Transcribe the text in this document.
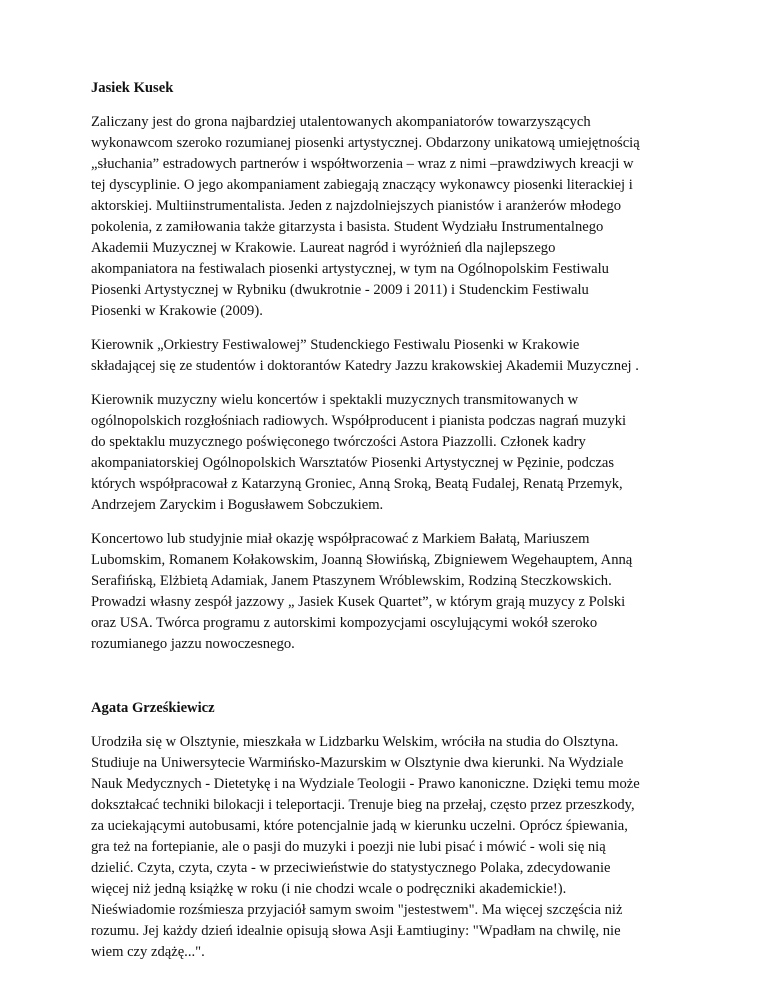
Jasiek Kusek
Zaliczany jest do grona najbardziej utalentowanych akompaniatorów towarzyszących
wykonawcom szeroko rozumianej piosenki artystycznej. Obdarzony unikatową umiejętnością
„słuchania” estradowych partnerów i współtworzenia – wraz z nimi –prawdziwych kreacji w
tej dyscyplinie. O jego akompaniament zabiegają znaczący wykonawcy piosenki literackiej i
aktorskiej. Multiinstrumentalista. Jeden z najzdolniejszych pianistów i aranżerów młodego
pokolenia, z zamiłowania także gitarzysta i basista. Student Wydziału Instrumentalnego
Akademii Muzycznej w Krakowie. Laureat nagród i wyróżnień dla najlepszego
akompaniatora na festiwalach piosenki artystycznej, w tym na Ogólnopolskim Festiwalu
Piosenki Artystycznej w Rybniku (dwukrotnie - 2009 i 2011) i Studenckim Festiwalu
Piosenki w Krakowie (2009).
Kierownik „Orkiestry Festiwalowej” Studenckiego Festiwalu Piosenki w Krakowie
składającej się ze studentów i doktorantów Katedry Jazzu krakowskiej Akademii Muzycznej .
Kierownik muzyczny wielu koncertów i spektakli muzycznych transmitowanych w
ogólnopolskich rozgłośniach radiowych. Współproducent i pianista podczas nagrań muzyki
do spektaklu muzycznego poświęconego twórczości Astora Piazzolli. Członek kadry
akompaniatorskiej Ogólnopolskich Warsztatów Piosenki Artystycznej w Pęzinie, podczas
których współpracował z Katarzyną Groniec, Anną Sroką, Beatą Fudalej, Renatą Przemyk,
Andrzejem Zaryckim i Bogusławem Sobczukiem.
Koncertowo lub studyjnie miał okazję współpracować z Markiem Bałatą, Mariuszem
Lubomskim, Romanem Kołakowskim, Joanną Słowińską, Zbigniewem Wegehauptem, Anną
Serafińską, Elżbietą Adamiak, Janem Ptaszynem Wróblewskim, Rodziną Steczkowskich.
Prowadzi własny zespół jazzowy „ Jasiek Kusek Quartet”, w którym grają muzycy z Polski
oraz USA. Twórca programu z autorskimi kompozycjami oscylującymi wokół szeroko
rozumianego jazzu nowoczesnego.
Agata Grześkiewicz
Urodziła się w Olsztynie, mieszkała w Lidzbarku Welskim, wróciła na studia do Olsztyna.
Studiuje na Uniwersytecie Warmińsko-Mazurskim w Olsztynie dwa kierunki. Na Wydziale
Nauk Medycznych - Dietetykę i na Wydziale Teologii - Prawo kanoniczne. Dzięki temu może
dokształcać techniki bilokacji i teleportacji. Trenuje bieg na przełaj, często przez przeszkody,
za uciekającymi autobusami, które potencjalnie jadą w kierunku uczelni. Oprócz śpiewania,
gra też na fortepianie, ale o pasji do muzyki i poezji nie lubi pisać i mówić - woli się nią
dzielić. Czyta, czyta, czyta - w przeciwieństwie do statystycznego Polaka, zdecydowanie
więcej niż jedną książkę w roku (i nie chodzi wcale o podręczniki akademickie!).
Nieświadomie rozśmiesza przyjaciół samym swoim "jestestwem". Ma więcej szczęścia niż
rozumu. Jej każdy dzień idealnie opisują słowa Asji Łamtiuginy: "Wpadłam na chwilę, nie
wiem czy zdążę...".
